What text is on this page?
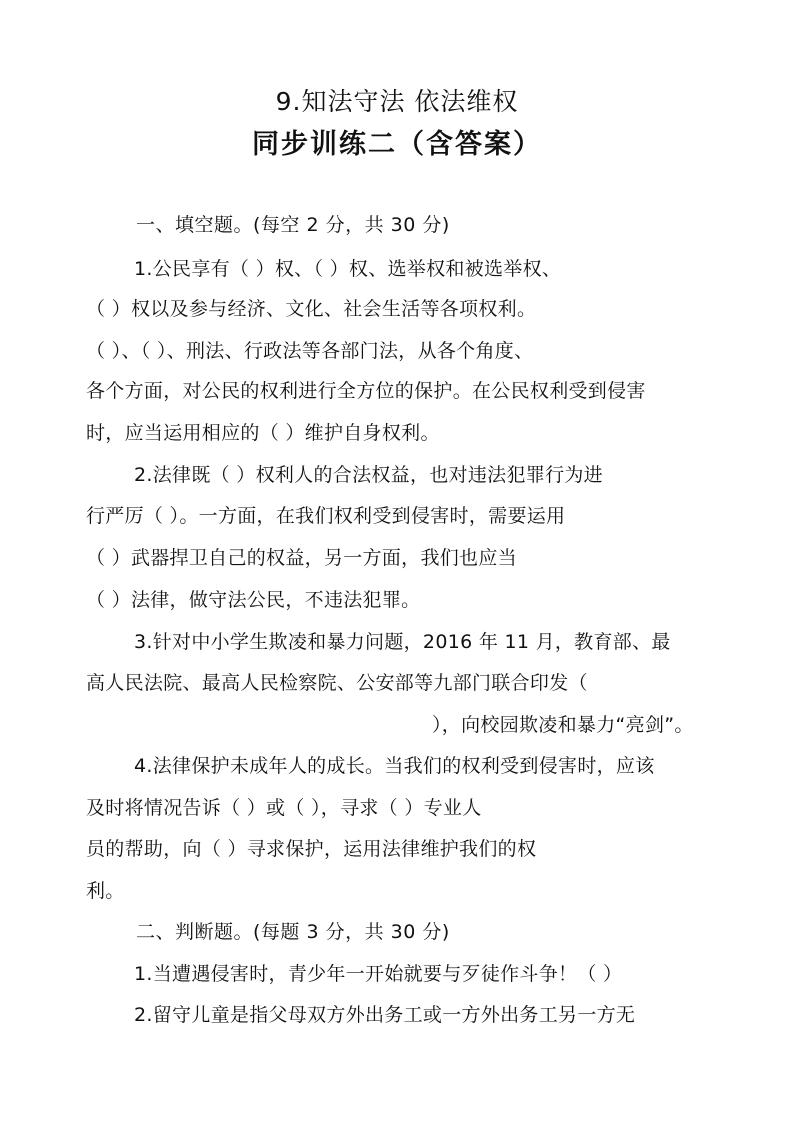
9.知法守法 依法维权
同步训练二（含答案）
一、填空题。(每空 2 分，共 30 分)
1.公民享有（ ）权、（ ）权、选举权和被选举权、
（ ）权以及参与经济、文化、社会生活等各项权利。
（ ）、（ ）、刑法、行政法等各部门法，从各个角度、
各个方面，对公民的权利进行全方位的保护。在公民权利受到侵害
时，应当运用相应的（ ）维护自身权利。
2.法律既（ ）权利人的合法权益，也对违法犯罪行为进
行严厉（ ）。一方面，在我们权利受到侵害时，需要运用
（ ）武器捍卫自己的权益，另一方面，我们也应当
（ ）法律，做守法公民，不违法犯罪。
3.针对中小学生欺凌和暴力问题，2016 年 11 月，教育部、最
高人民法院、最高人民检察院、公安部等九部门联合印发（
），向校园欺凌和暴力“亮剑”。
4.法律保护未成年人的成长。当我们的权利受到侵害时，应该
及时将情况告诉（ ）或（ ），寻求（ ）专业人
员的帮助，向（ ）寻求保护，运用法律维护我们的权
利。
二、判断题。(每题 3 分，共 30 分)
1.当遭遇侵害时，青少年一开始就要与歹徒作斗争！（ ）
2.留守儿童是指父母双方外出务工或一方外出务工另一方无
